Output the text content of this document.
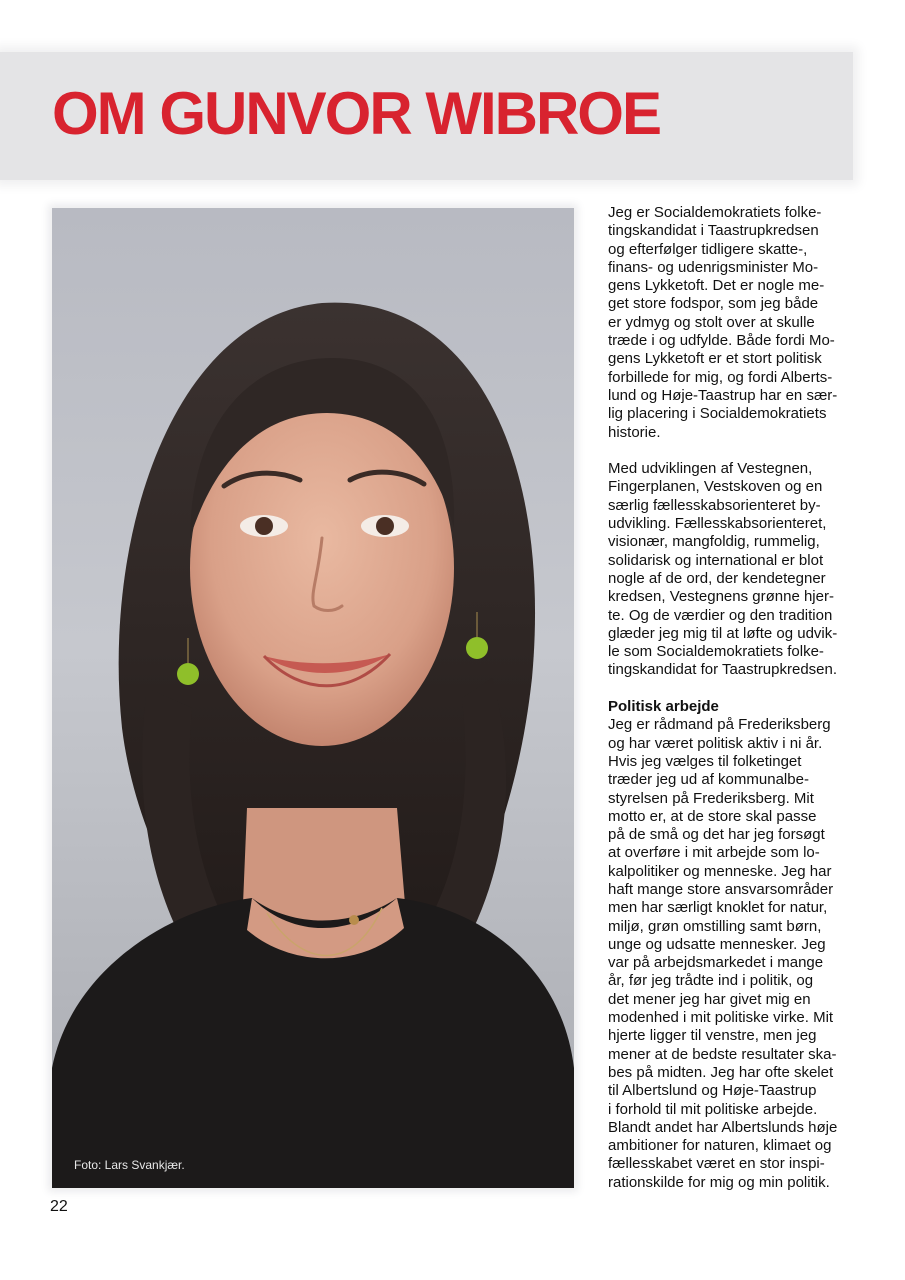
OM GUNVOR WIBROE
Foto: Lars Svankjær.

Jeg er Socialdemokratiets folke-
tingskandidat i Taastrupkredsen
og efterfølger tidligere skatte-,
finans- og udenrigsminister Mo-
gens Lykketoft. Det er nogle me-
get store fodspor, som jeg både
er ydmyg og stolt over at skulle
træde i og udfylde. Både fordi Mo-
gens Lykketoft er et stort politisk
forbillede for mig, og fordi Alberts-
lund og Høje-Taastrup har en sær-
lig placering i Socialdemokratiets
historie.

Med udviklingen af Vestegnen,
Fingerplanen, Vestskoven og en
særlig fællesskabsorienteret by-
udvikling. Fællesskabsorienteret,
visionær, mangfoldig, rummelig,
solidarisk og international er blot
nogle af de ord, der kendetegner
kredsen, Vestegnens grønne hjer-
te. Og de værdier og den tradition
glæder jeg mig til at løfte og udvik-
le som Socialdemokratiets folke-
tingskandidat for Taastrupkredsen.

Politisk arbejde
Jeg er rådmand på Frederiksberg
og har været politisk aktiv i ni år.
Hvis jeg vælges til folketinget
træder jeg ud af kommunalbe-
styrelsen på Frederiksberg. Mit
motto er, at de store skal passe
på de små og det har jeg forsøgt
at overføre i mit arbejde som lo-
kalpolitiker og menneske. Jeg har
haft mange store ansvarsområder
men har særligt knoklet for natur,
miljø, grøn omstilling samt børn,
unge og udsatte mennesker. Jeg
var på arbejdsmarkedet i mange
år, før jeg trådte ind i politik, og
det mener jeg har givet mig en
modenhed i mit politiske virke. Mit
hjerte ligger til venstre, men jeg
mener at de bedste resultater ska-
bes på midten. Jeg har ofte skelet
til Albertslund og Høje-Taastrup
i forhold til mit politiske arbejde.
Blandt andet har Albertslunds høje
ambitioner for naturen, klimaet og
fællesskabet været en stor inspi-
rationskilde for mig og min politik.

22
